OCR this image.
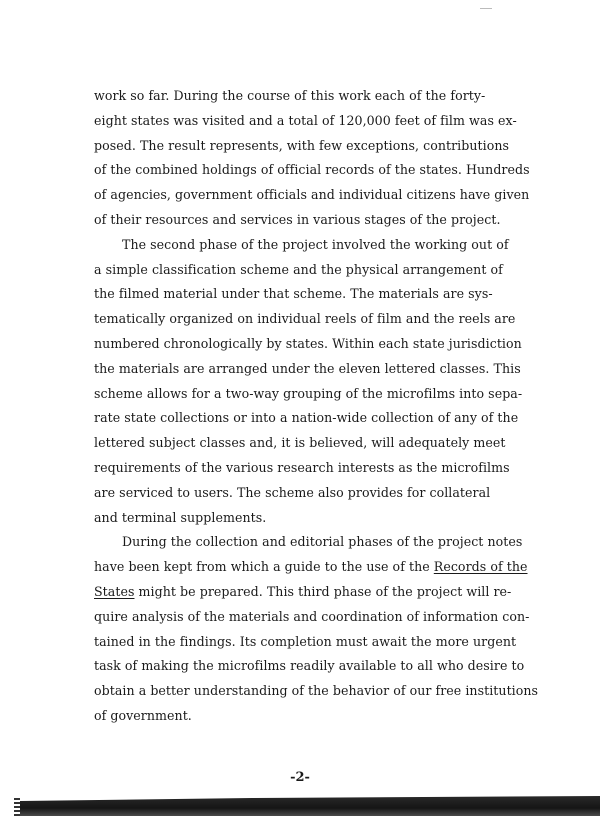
work so far. During the course of this work each of the forty-
eight states was visited and a total of 120,000 feet of film was ex-
posed. The result represents, with few exceptions, contributions
of the combined holdings of official records of the states. Hundreds
of agencies, government officials and individual citizens have given
of their resources and services in various stages of the project.
The second phase of the project involved the working out of
a simple classification scheme and the physical arrangement of
the filmed material under that scheme. The materials are sys-
tematically organized on individual reels of film and the reels are
numbered chronologically by states. Within each state jurisdiction
the materials are arranged under the eleven lettered classes. This
scheme allows for a two-way grouping of the microfilms into sepa-
rate state collections or into a nation-wide collection of any of the
lettered subject classes and, it is believed, will adequately meet
requirements of the various research interests as the microfilms
are serviced to users. The scheme also provides for collateral
and terminal supplements.
During the collection and editorial phases of the project notes
have been kept from which a guide to the use of the Records of the
States might be prepared. This third phase of the project will re-
quire analysis of the materials and coordination of information con-
tained in the findings. Its completion must await the more urgent
task of making the microfilms readily available to all who desire to
obtain a better understanding of the behavior of our free institutions
of government.
-2-
